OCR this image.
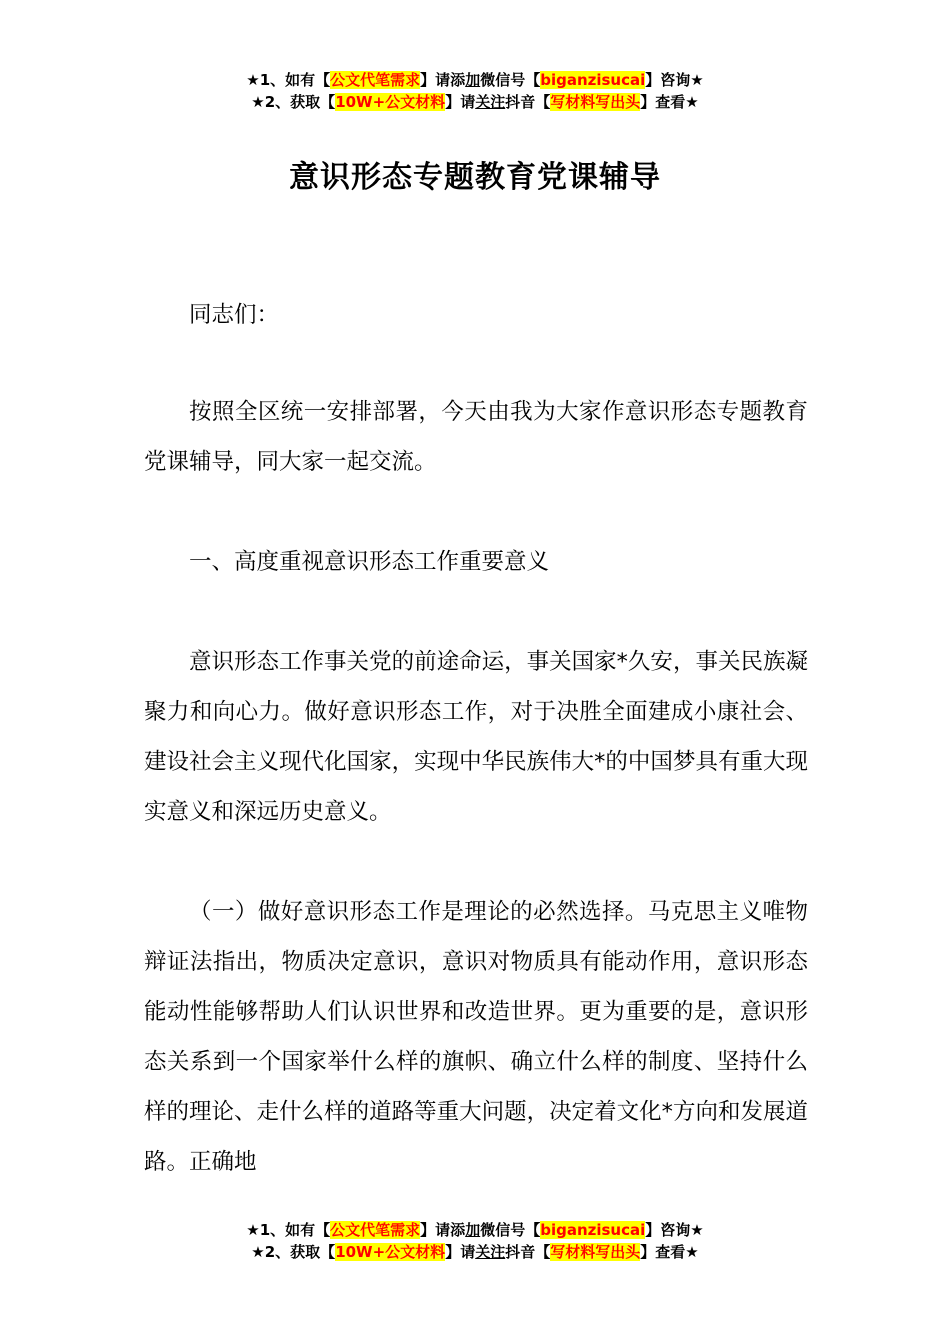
★1、如有【公文代笔需求】请添加微信号【biganzisucai】咨询★
★2、获取【10W+公文材料】请关注抖音【写材料写出头】查看★
意识形态专题教育党课辅导

同志们：

按照全区统一安排部署，今天由我为大家作意识形态专题教育党课辅导，同大家一起交流。

一、高度重视意识形态工作重要意义

意识形态工作事关党的前途命运，事关国家*久安，事关民族凝聚力和向心力。做好意识形态工作，对于决胜全面建成小康社会、建设社会主义现代化国家，实现中华民族伟大*的中国梦具有重大现实意义和深远历史意义。

（一）做好意识形态工作是理论的必然选择。马克思主义唯物辩证法指出，物质决定意识，意识对物质具有能动作用，意识形态能动性能够帮助人们认识世界和改造世界。更为重要的是，意识形态关系到一个国家举什么样的旗帜、确立什么样的制度、坚持什么样的理论、走什么样的道路等重大问题，决定着文化*方向和发展道路。正确地

★1、如有【公文代笔需求】请添加微信号【biganzisucai】咨询★
★2、获取【10W+公文材料】请关注抖音【写材料写出头】查看★
